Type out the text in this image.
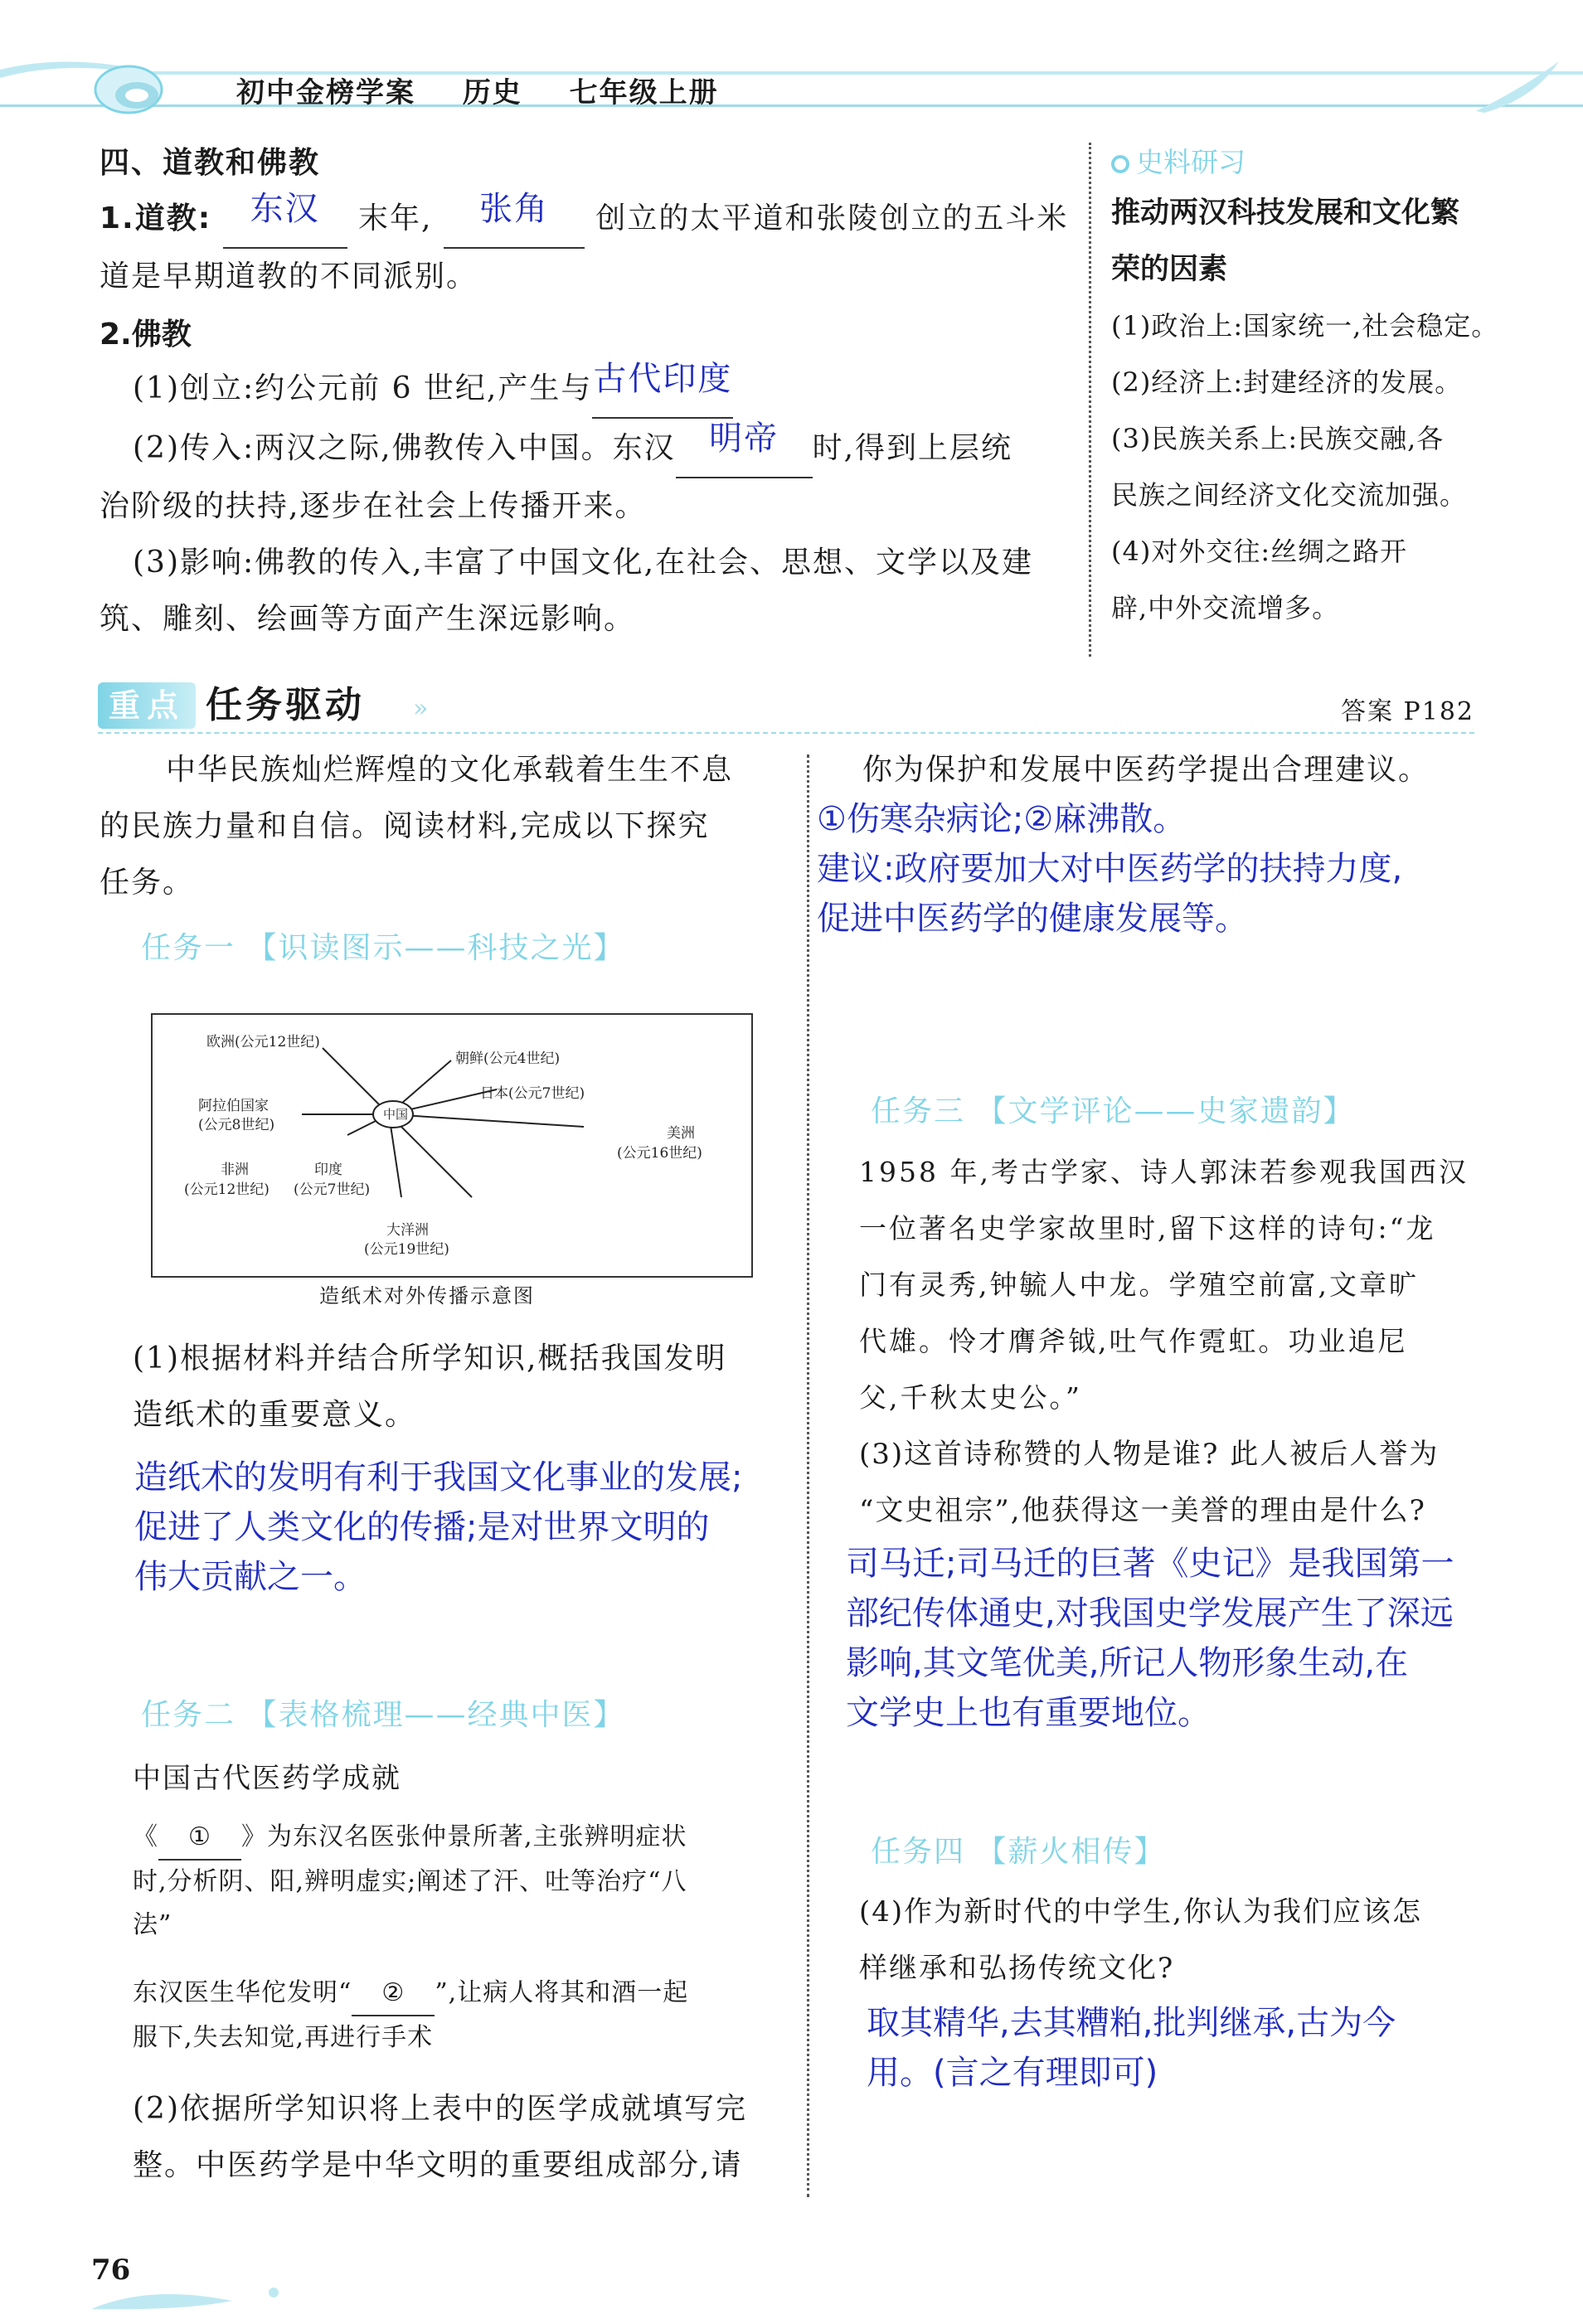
初中金榜学案 历史 七年级上册
四、道教和佛教
1.道教: 东汉 末年, 张角 创立的太平道和张陵创立的五斗米
道是早期道教的不同派别。
2.佛教
(1)创立:约公元前 6 世纪,产生与古代印度
(2)传入:两汉之际,佛教传入中国。东汉 明帝 时,得到上层统
治阶级的扶持,逐步在社会上传播开来。
(3)影响:佛教的传入,丰富了中国文化,在社会、思想、文学以及建
筑、雕刻、绘画等方面产生深远影响。
史料研习
推动两汉科技发展和文化繁
荣的因素
(1)政治上:国家统一,社会稳定。
(2)经济上:封建经济的发展。
(3)民族关系上:民族交融,各
民族之间经济文化交流加强。
(4)对外交往:丝绸之路开
辟,中外交流增多。
重点 任务驱动 »	答案 P182
中华民族灿烂辉煌的文化承载着生生不息
的民族力量和自信。阅读材料,完成以下探究
任务。
任务一 【识读图示——科技之光】
中国
欧洲(公元12世纪)
朝鲜(公元4世纪)
日本(公元7世纪)
阿拉伯国家
(公元8世纪)	美洲
(公元16世纪)
非洲
(公元12世纪)
印度
(公元7世纪)
大洋洲
(公元19世纪)
造纸术对外传播示意图
(1)根据材料并结合所学知识,概括我国发明
造纸术的重要意义。
造纸术的发明有利于我国文化事业的发展;
促进了人类文化的传播;是对世界文明的
伟大贡献之一。
任务二 【表格梳理——经典中医】
中国古代医药学成就
《 ① 》为东汉名医张仲景所著,主张辨明症状
时,分析阴、阳,辨明虚实;阐述了汗、吐等治疗“八
法”
东汉医生华佗发明“ ② ”,让病人将其和酒一起
服下,失去知觉,再进行手术
(2)依据所学知识将上表中的医学成就填写完
整。中医药学是中华文明的重要组成部分,请
你为保护和发展中医药学提出合理建议。
①伤寒杂病论;②麻沸散。
建议:政府要加大对中医药学的扶持力度,
促进中医药学的健康发展等。
任务三 【文学评论——史家遗韵】
1958 年,考古学家、诗人郭沫若参观我国西汉
一位著名史学家故里时,留下这样的诗句:“龙
门有灵秀,钟毓人中龙。学殖空前富,文章旷
代雄。怜才膺斧钺,吐气作霓虹。功业追尼
父,千秋太史公。”
(3)这首诗称赞的人物是谁? 此人被后人誉为
“文史祖宗”,他获得这一美誉的理由是什么?
司马迁;司马迁的巨著《史记》是我国第一
部纪传体通史,对我国史学发展产生了深远
影响,其文笔优美,所记人物形象生动,在
文学史上也有重要地位。
任务四 【薪火相传】
(4)作为新时代的中学生,你认为我们应该怎
样继承和弘扬传统文化?
取其精华,去其糟粕,批判继承,古为今
用。(言之有理即可)
76
